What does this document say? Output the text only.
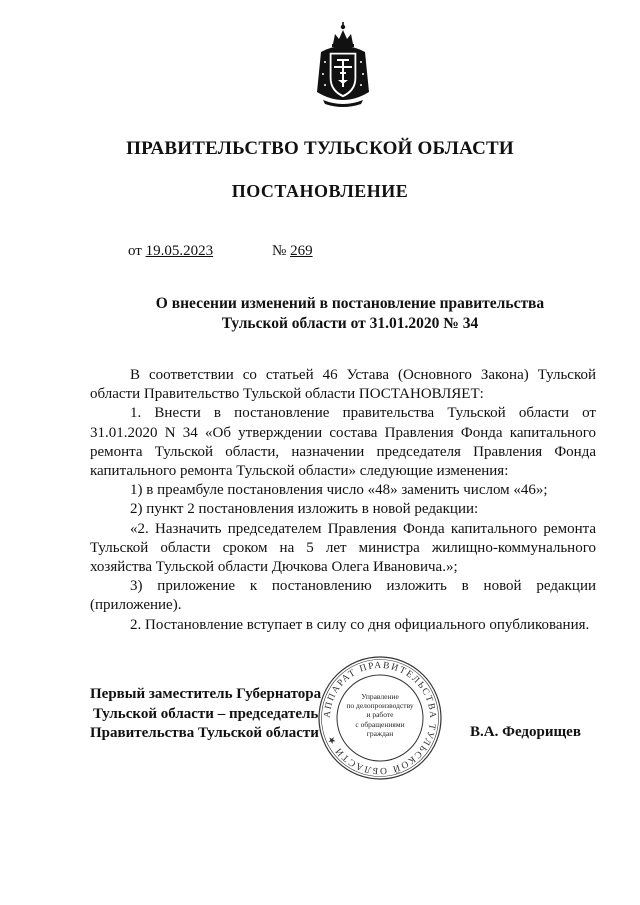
ПРАВИТЕЛЬСТВО ТУЛЬСКОЙ ОБЛАСТИ
ПОСТАНОВЛЕНИЕ
от 19.05.2023	№ 269
О внесении изменений в постановление правительства
Тульской области от 31.01.2020 № 34

В соответствии со статьей 46 Устава (Основного Закона) Тульской области Правительство Тульской области ПОСТАНОВЛЯЕТ:

1. Внести в постановление правительства Тульской области от 31.01.2020 N 34 «Об утверждении состава Правления Фонда капитального ремонта Тульской области, назначении председателя Правления Фонда капитального ремонта Тульской области» следующие изменения:

1) в преамбуле постановления число «48» заменить числом «46»;

2) пункт 2 постановления изложить в новой редакции:

«2. Назначить председателем Правления Фонда капитального ремонта Тульской области сроком на 5 лет министра жилищно-коммунального хозяйства Тульской области Дючкова Олега Ивановича.»;

3) приложение к постановлению изложить в новой редакции (приложение).

2. Постановление вступает в силу со дня официального опубликования.

Первый заместитель Губернатора
Тульской области – председатель
Правительства Тульской области
АППАРАТ ПРАВИТЕЛЬСТВА ТУЛЬСКОЙ ОБЛАСТИ ★
Управление
по делопроизводству
и работе
с обращениями
граждан	В.А. Федорищев
